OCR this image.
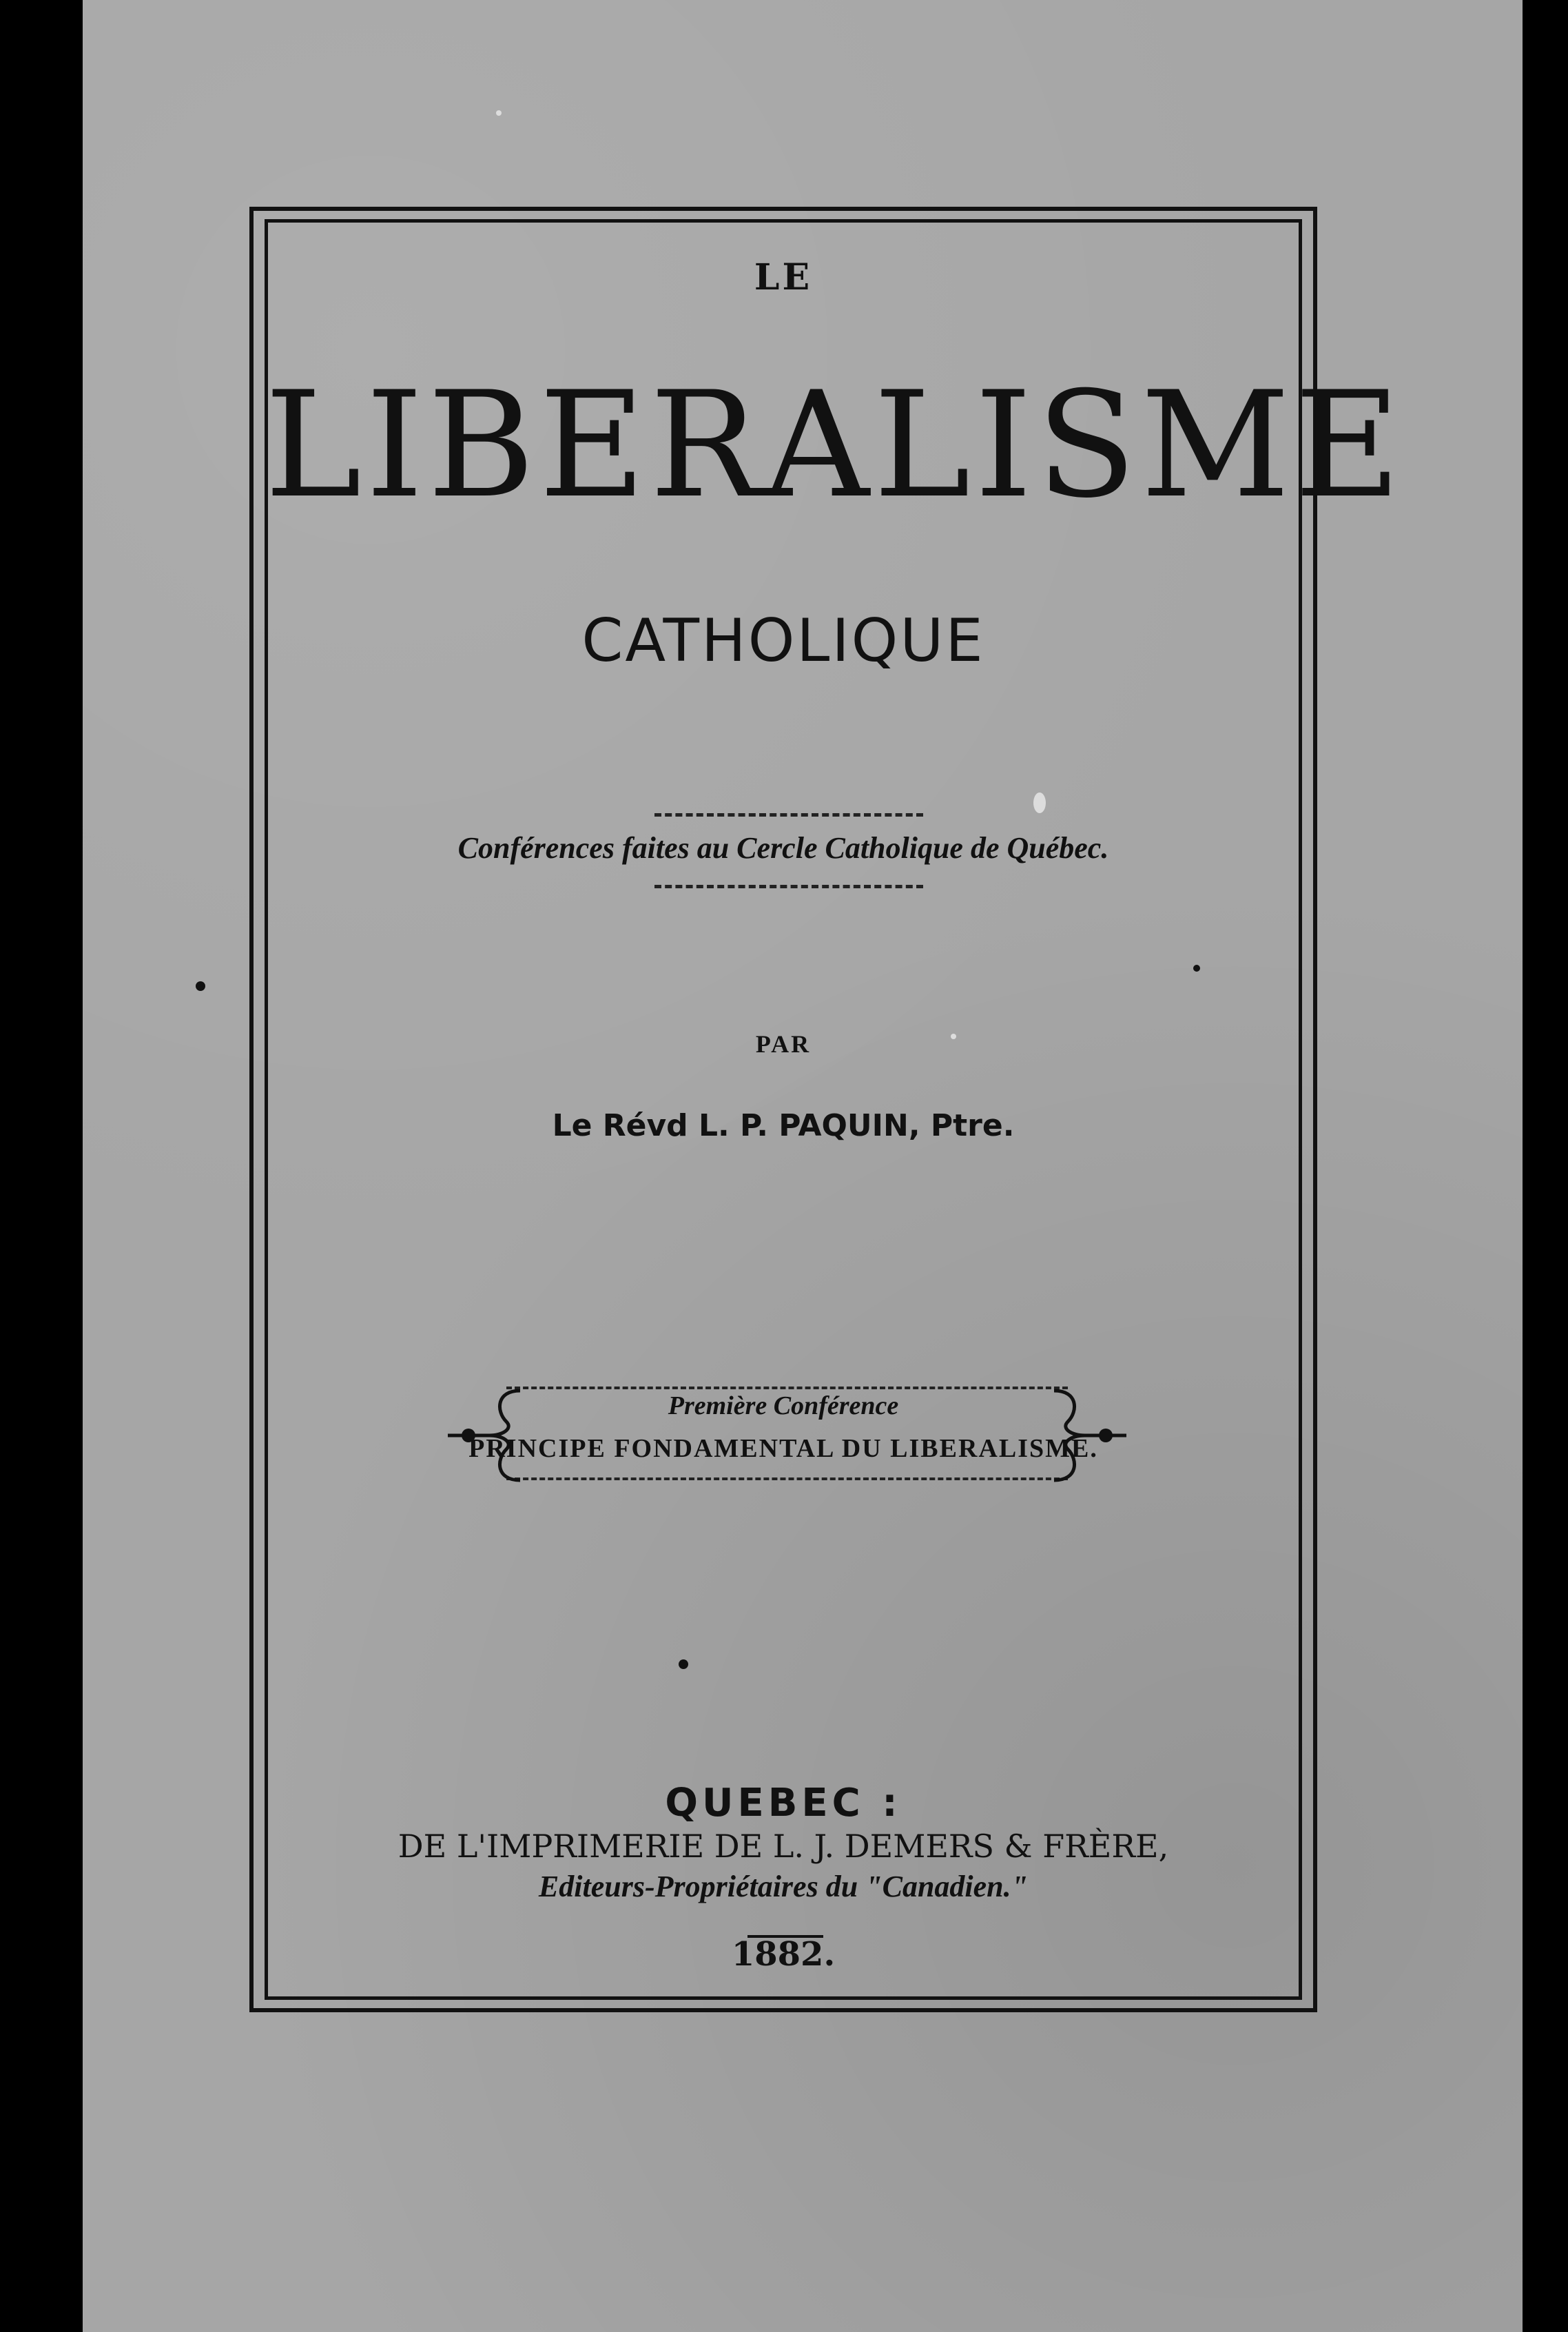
LE
LIBERALISME
CATHOLIQUE
Conférences faites au Cercle Catholique de Québec.
PAR
Le Révd L. P. PAQUIN, Ptre.
Première Conférence
PRINCIPE FONDAMENTAL DU LIBERALISME.
QUEBEC :
DE L'IMPRIMERIE DE L. J. DEMERS & FRÈRE,
Editeurs-Propriétaires du "Canadien."
1882.
